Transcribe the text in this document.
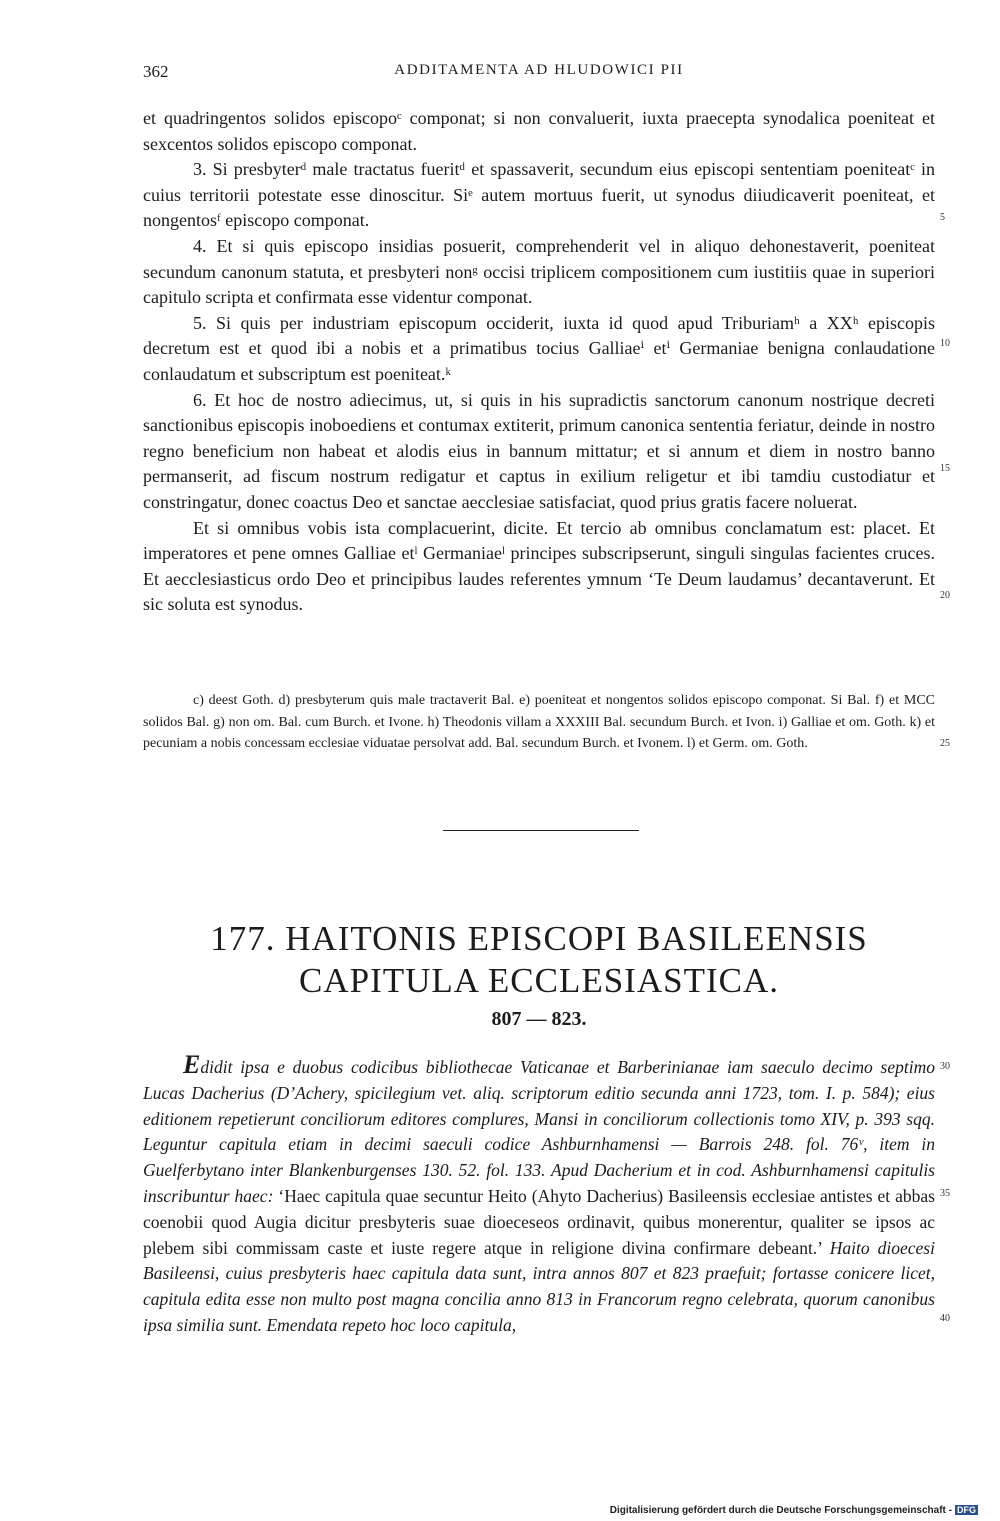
362	ADDITAMENTA AD HLUDOWICI PII

et quadringentos solidos episcopoᶜ componat; si non convaluerit, iuxta praecepta synodalica poeniteat et sexcentos solidos episcopo componat.

3. Si presbyterᵈ male tractatus fueritᵈ et spassaverit, secundum eius episcopi sententiam poeniteatᶜ in cuius territorii potestate esse dinoscitur. Siᵉ autem mortuus fuerit, ut synodus diiudicaverit poeniteat, et nongentosᶠ episcopo componat.

4. Et si quis episcopo insidias posuerit, comprehenderit vel in aliquo dehonestaverit, poeniteat secundum canonum statuta, et presbyteri nonᵍ occisi triplicem compositionem cum iustitiis quae in superiori capitulo scripta et confirmata esse videntur componat.

5. Si quis per industriam episcopum occiderit, iuxta id quod apud Triburiamʰ a XXʰ episcopis decretum est et quod ibi a nobis et a primatibus tocius Galliaeⁱ etⁱ Germaniae benigna conlaudatione conlaudatum et subscriptum est poeniteat.ᵏ

6. Et hoc de nostro adiecimus, ut, si quis in his supradictis sanctorum canonum nostrique decreti sanctionibus episcopis inoboediens et contumax extiterit, primum canonica sententia feriatur, deinde in nostro regno beneficium non habeat et alodis eius in bannum mittatur; et si annum et diem in nostro banno permanserit, ad fiscum nostrum redigatur et captus in exilium religetur et ibi tamdiu custodiatur et constringatur, donec coactus Deo et sanctae aecclesiae satisfaciat, quod prius gratis facere noluerat.

Et si omnibus vobis ista complacuerint, dicite. Et tercio ab omnibus conclamatum est: placet. Et imperatores et pene omnes Galliae etˡ Germaniaeˡ principes subscripserunt, singuli singulas facientes cruces. Et aecclesiasticus ordo Deo et principibus laudes referentes ymnum ‘Te Deum laudamus’ decantaverunt. Et sic soluta est synodus.

5
10
15
20
25
30
35
40

c) deest Goth. d) presbyterum quis male tractaverit Bal. e) poeniteat et nongentos solidos episcopo componat. Si Bal. f) et MCC solidos Bal. g) non om. Bal. cum Burch. et Ivone. h) Theodonis villam a XXXIII Bal. secundum Burch. et Ivon. i) Galliae et om. Goth. k) et pecuniam a nobis concessam ecclesiae viduatae persolvat add. Bal. secundum Burch. et Ivonem. l) et Germ. om. Goth.

177. HAITONIS EPISCOPI BASILEENSIS
CAPITULA ECCLESIASTICA.
807 — 823.

Edidit ipsa e duobus codicibus bibliothecae Vaticanae et Barberinianae iam saeculo decimo septimo Lucas Dacherius (D’Achery, spicilegium vet. aliq. scriptorum editio secunda anni 1723, tom. I. p. 584); eius editionem repetierunt conciliorum editores complures, Mansi in conciliorum collectionis tomo XIV, p. 393 sqq. Leguntur capitula etiam in decimi saeculi codice Ashburnhamensi — Barrois 248. fol. 76ᵛ, item in Guelferbytano inter Blankenburgenses 130. 52. fol. 133. Apud Dacherium et in cod. Ashburnhamensi capitulis inscribuntur haec: ‘Haec capitula quae secuntur Heito (Ahyto Dacherius) Basileensis ecclesiae antistes et abbas coenobii quod Augia dicitur presbyteris suae dioeceseos ordinavit, quibus monerentur, qualiter se ipsos ac plebem sibi commissam caste et iuste regere atque in religione divina confirmare debeant.’ Haito dioecesi Basileensi, cuius presbyteris haec capitula data sunt, intra annos 807 et 823 praefuit; fortasse conicere licet, capitula edita esse non multo post magna concilia anno 813 in Francorum regno celebrata, quorum canonibus ipsa similia sunt. Emendata repeto hoc loco capitula,

Digitalisierung gefördert durch die Deutsche Forschungsgemeinschaft - DFG
